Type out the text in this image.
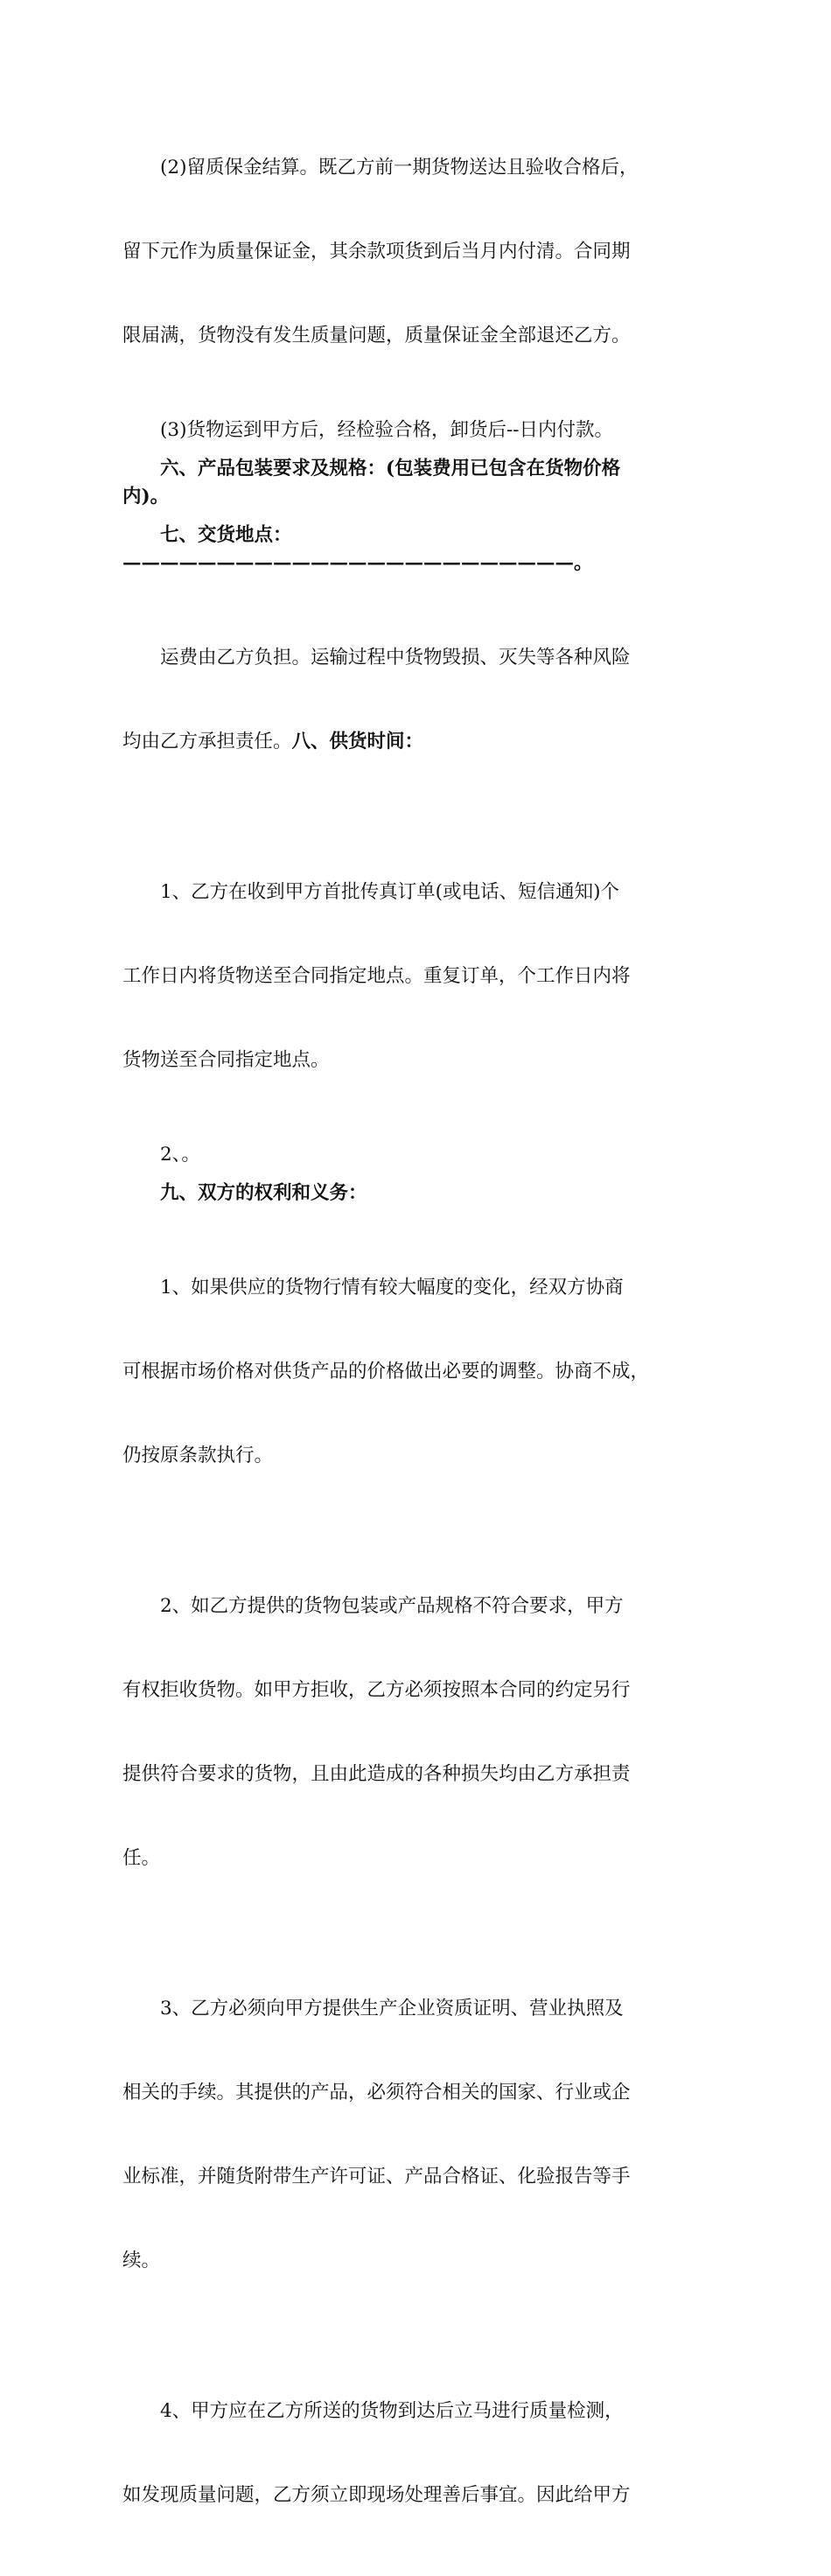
(2)留质保金结算。既乙方前一期货物送达且验收合格后，

留下元作为质量保证金，其余款项货到后当月内付清。合同期

限届满，货物没有发生质量问题，质量保证金全部退还乙方。

(3)货物运到甲方后，经检验合格，卸货后--日内付款。
六、产品包装要求及规格：(包装费用已包含在货物价格
内)。
七、交货地点：————————————————————————。

运费由乙方负担。运输过程中货物毁损、灭失等各种风险

均由乙方承担责任。八、供货时间：

1、乙方在收到甲方首批传真订单(或电话、短信通知)个

工作日内将货物送至合同指定地点。重复订单，个工作日内将

货物送至合同指定地点。

2、。
九、双方的权利和义务：

1、如果供应的货物行情有较大幅度的变化，经双方协商

可根据市场价格对供货产品的价格做出必要的调整。协商不成，

仍按原条款执行。

2、如乙方提供的货物包装或产品规格不符合要求，甲方

有权拒收货物。如甲方拒收，乙方必须按照本合同的约定另行

提供符合要求的货物，且由此造成的各种损失均由乙方承担责

任。

3、乙方必须向甲方提供生产企业资质证明、营业执照及

相关的手续。其提供的产品，必须符合相关的国家、行业或企

业标准，并随货附带生产许可证、产品合格证、化验报告等手

续。

4、甲方应在乙方所送的货物到达后立马进行质量检测，

如发现质量问题，乙方须立即现场处理善后事宜。因此给甲方
